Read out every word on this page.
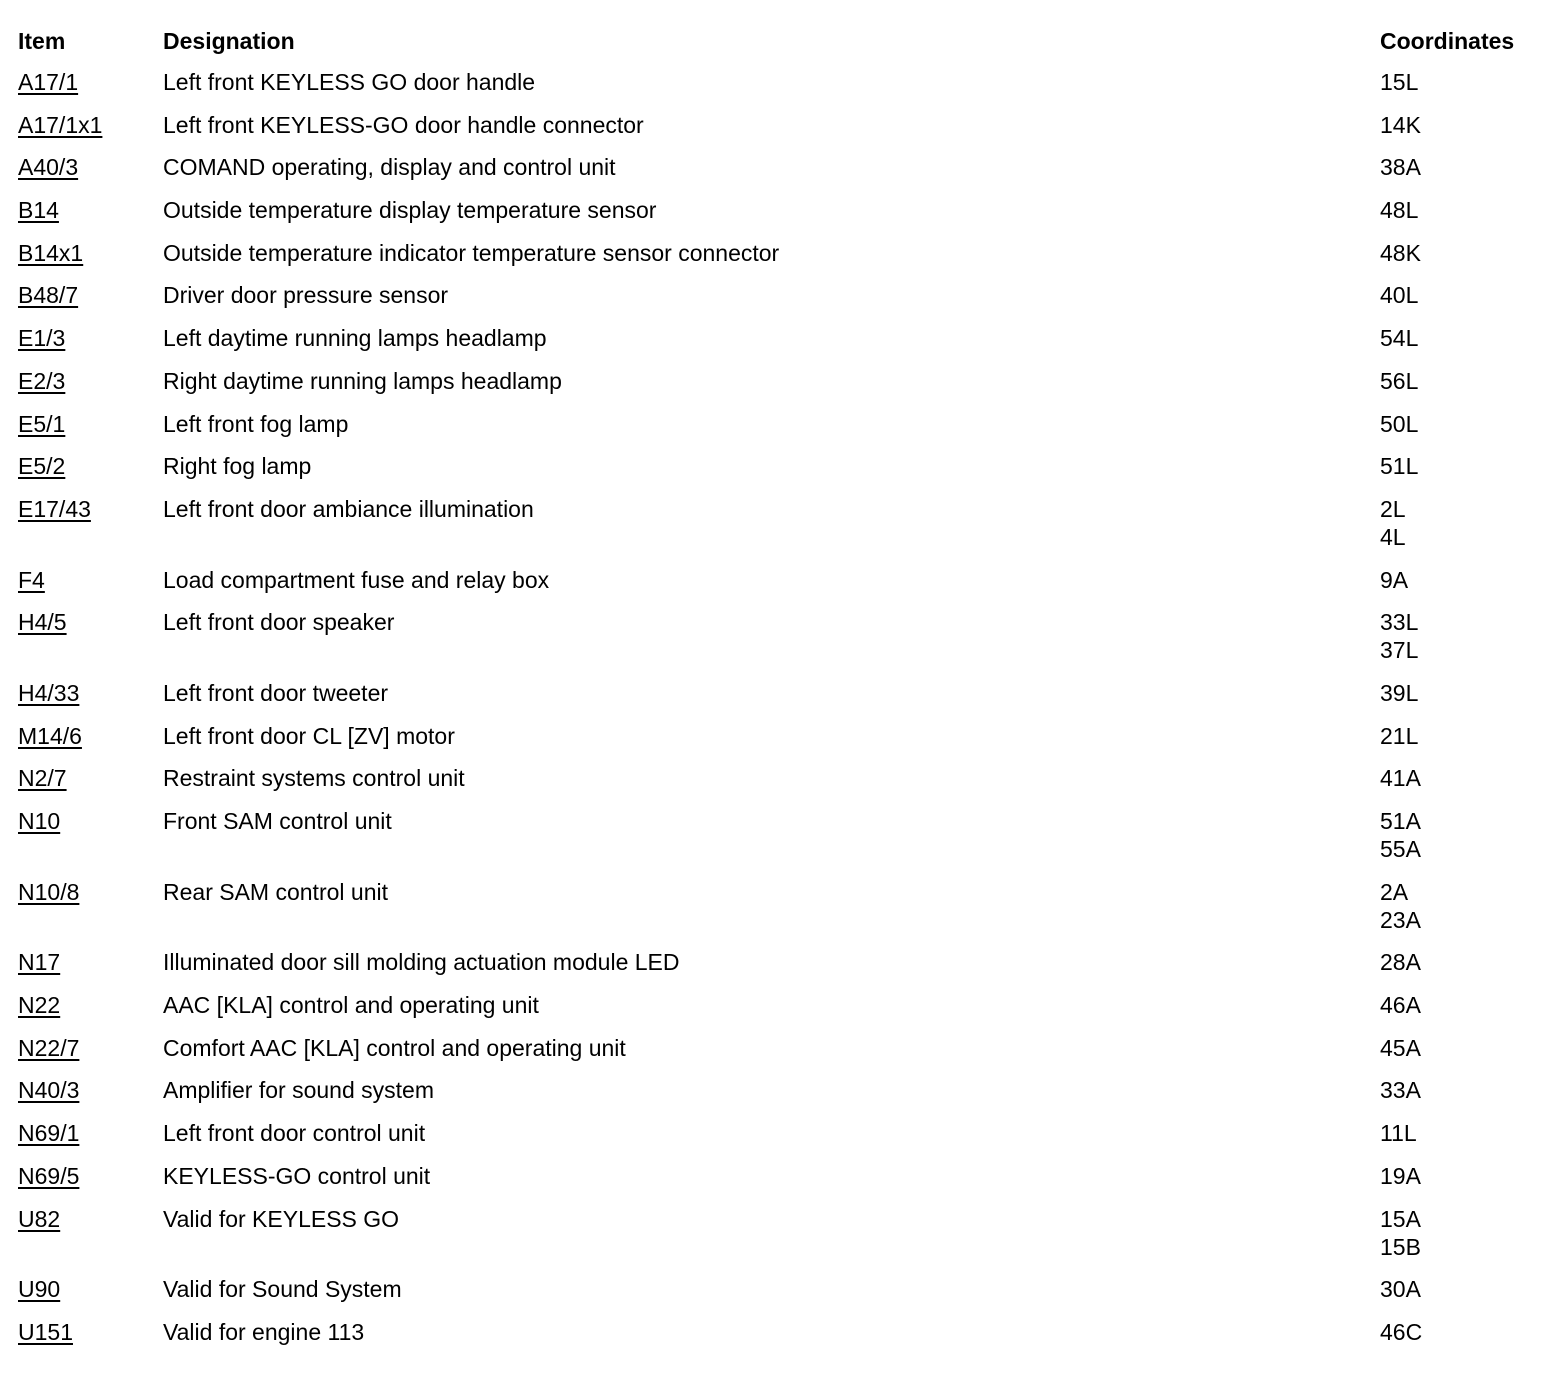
Item	Designation	Coordinates
A17/1	Left front KEYLESS GO door handle	15L
A17/1x1	Left front KEYLESS-GO door handle connector	14K
A40/3	COMAND operating, display and control unit	38A
B14	Outside temperature display temperature sensor	48L
B14x1	Outside temperature indicator temperature sensor connector	48K
B48/7	Driver door pressure sensor	40L
E1/3	Left daytime running lamps headlamp	54L
E2/3	Right daytime running lamps headlamp	56L
E5/1	Left front fog lamp	50L
E5/2	Right fog lamp	51L
E17/43	Left front door ambiance illumination	2L
4L
F4	Load compartment fuse and relay box	9A
H4/5	Left front door speaker	33L
37L
H4/33	Left front door tweeter	39L
M14/6	Left front door CL [ZV] motor	21L
N2/7	Restraint systems control unit	41A
N10	Front SAM control unit	51A
55A
N10/8	Rear SAM control unit	2A
23A
N17	Illuminated door sill molding actuation module LED	28A
N22	AAC [KLA] control and operating unit	46A
N22/7	Comfort AAC [KLA] control and operating unit	45A
N40/3	Amplifier for sound system	33A
N69/1	Left front door control unit	11L
N69/5	KEYLESS-GO control unit	19A
U82	Valid for KEYLESS GO	15A
15B
U90	Valid for Sound System	30A
U151	Valid for engine 113	46C
